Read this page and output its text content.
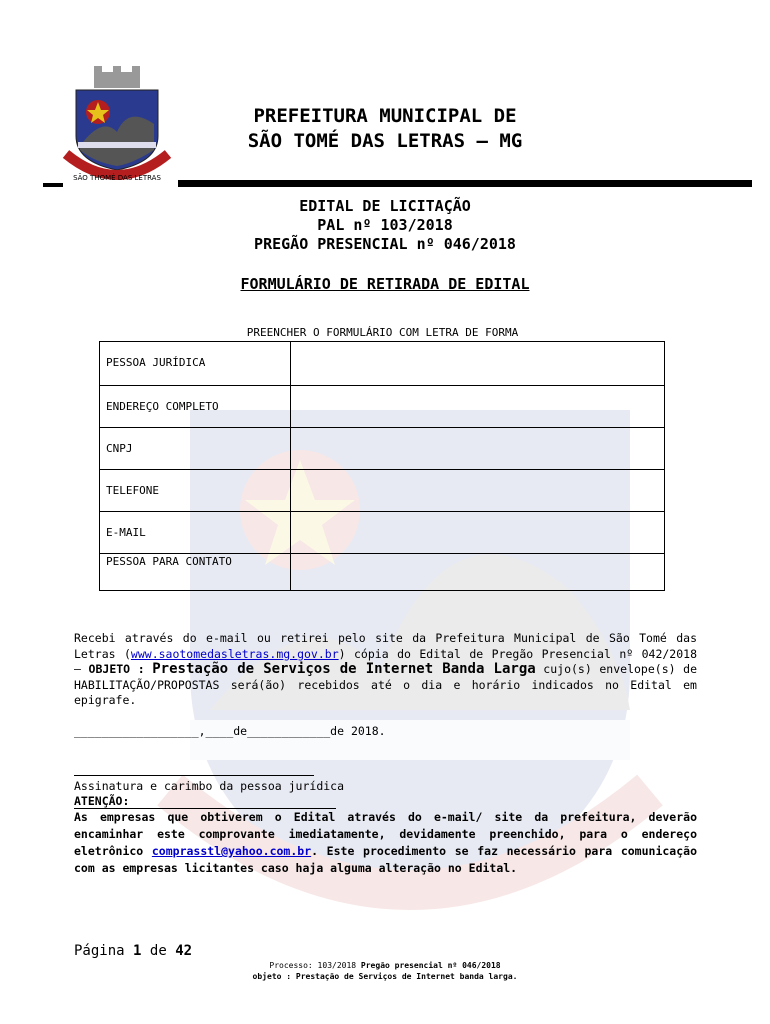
SÃO THOMÉ DAS LETRAS
PREFEITURA MUNICIPAL DE
SÃO TOMÉ DAS LETRAS – MG
EDITAL DE LICITAÇÃO
PAL nº 103/2018
PREGÃO PRESENCIAL nº 046/2018
FORMULÁRIO DE RETIRADA DE EDITAL
PREENCHER O FORMULÁRIO COM LETRA DE FORMA
PESSOA JURÍDICA	

ENDEREÇO COMPLETO	

CNPJ	

TELEFONE	

E-MAIL	

PESSOA PARA CONTATO	

Recebi através do e-mail ou retirei pelo site da Prefeitura Municipal de São Tomé das Letras (www.saotomedasletras.mg.gov.br) cópia do Edital de Pregão Presencial nº 042/2018 – OBJETO : Prestação de Serviços de Internet Banda Larga cujo(s) envelope(s) de HABILITAÇÃO/PROPOSTAS será(ão) recebidos até o dia e horário indicados no Edital em epigrafe.
__________________,____de____________de 2018.
Assinatura e carimbo da pessoa jurídica
ATENÇÃO:
As empresas que obtiverem o Edital através do e-mail/ site da prefeitura, deverão encaminhar este comprovante imediatamente, devidamente preenchido, para o endereço eletrônico comprasstl@yahoo.com.br. Este procedimento se faz necessário para comunicação com as empresas licitantes caso haja alguma alteração no Edital.
Página 1 de 42
Processo: 103/2018 Pregão presencial nº 046/2018
objeto : Prestação de Serviços de Internet banda larga.
